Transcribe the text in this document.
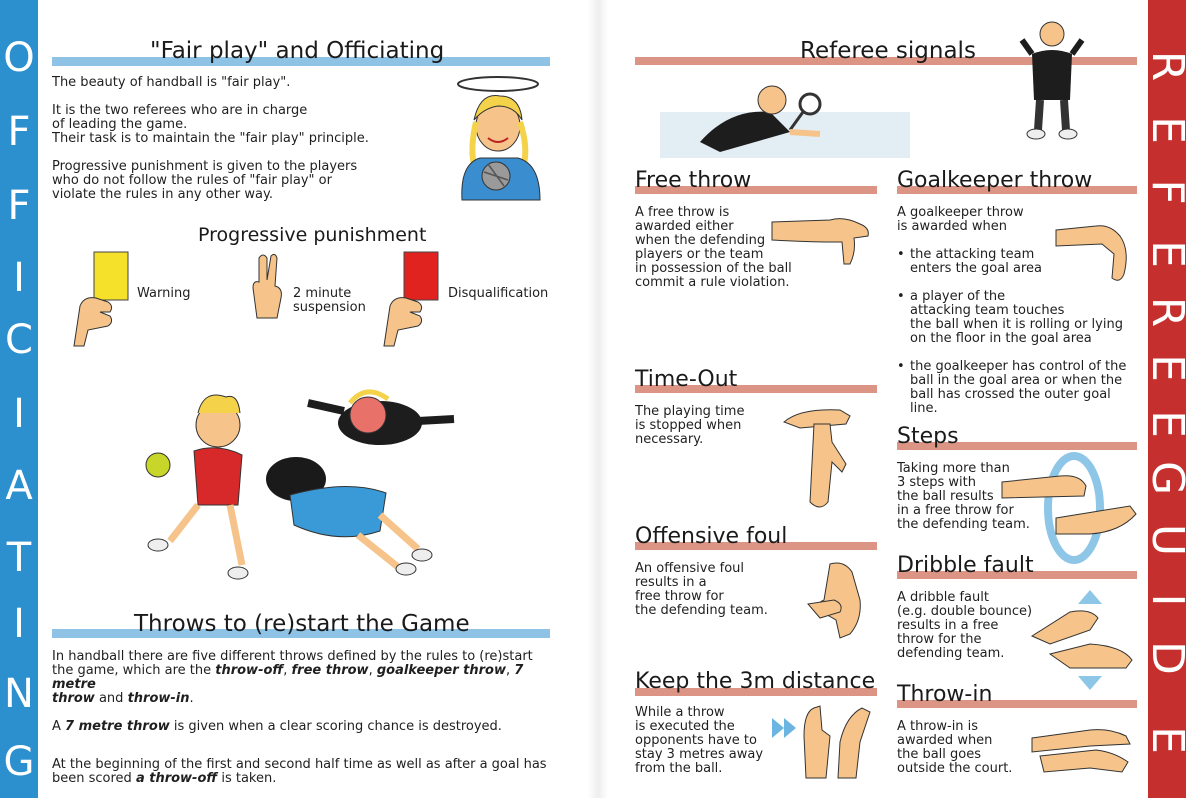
O
F
F
I
C
I
A
T
I
N
G
R
E
F
E
R
E
E
G
U
I
D
E
"Fair play" and Officiating

The beauty of handball is "fair play".

It is the two referees who are in charge
of leading the game.
Their task is to maintain the "fair play" principle.

Progressive punishment is given to the players
who do not follow the rules of "fair play" or
violate the rules in any other way.

Progressive punishment
Warning	2 minute
suspension
Disqualification
Throws to (re)start the Game

In handball there are five different throws defined by the rules to (re)start
the game, which are the throw-off, free throw, goalkeeper throw, 7 metre
throw and throw-in.

A 7 metre throw is given when a clear scoring chance is destroyed.

At the beginning of the first and second half time as well as after a goal has
been scored a throw-off is taken.

Referee signals
Free throw
A free throw is
awarded either
when the defending
players or the team
in possession of the ball
commit a rule violation.
Time-Out
The playing time
is stopped when
necessary.
Offensive foul
An offensive foul
results in a
free throw for
the defending team.
Keep the 3m distance
While a throw
is executed the
opponents have to
stay 3 metres away
from the ball.
Goalkeeper throw

A goalkeeper throw
is awarded when

• the attacking team
enters the goal area
• a player of the
attacking team touches
the ball when it is rolling or lying
on the floor in the goal area
• the goalkeeper has control of the
ball in the goal area or when the
ball has crossed the outer goal line.
Steps
Taking more than
3 steps with
the ball results
in a free throw for
the defending team.
Dribble fault
A dribble fault
(e.g. double bounce)
results in a free
throw for the
defending team.
Throw-in
A throw-in is
awarded when
the ball goes
outside the court.
